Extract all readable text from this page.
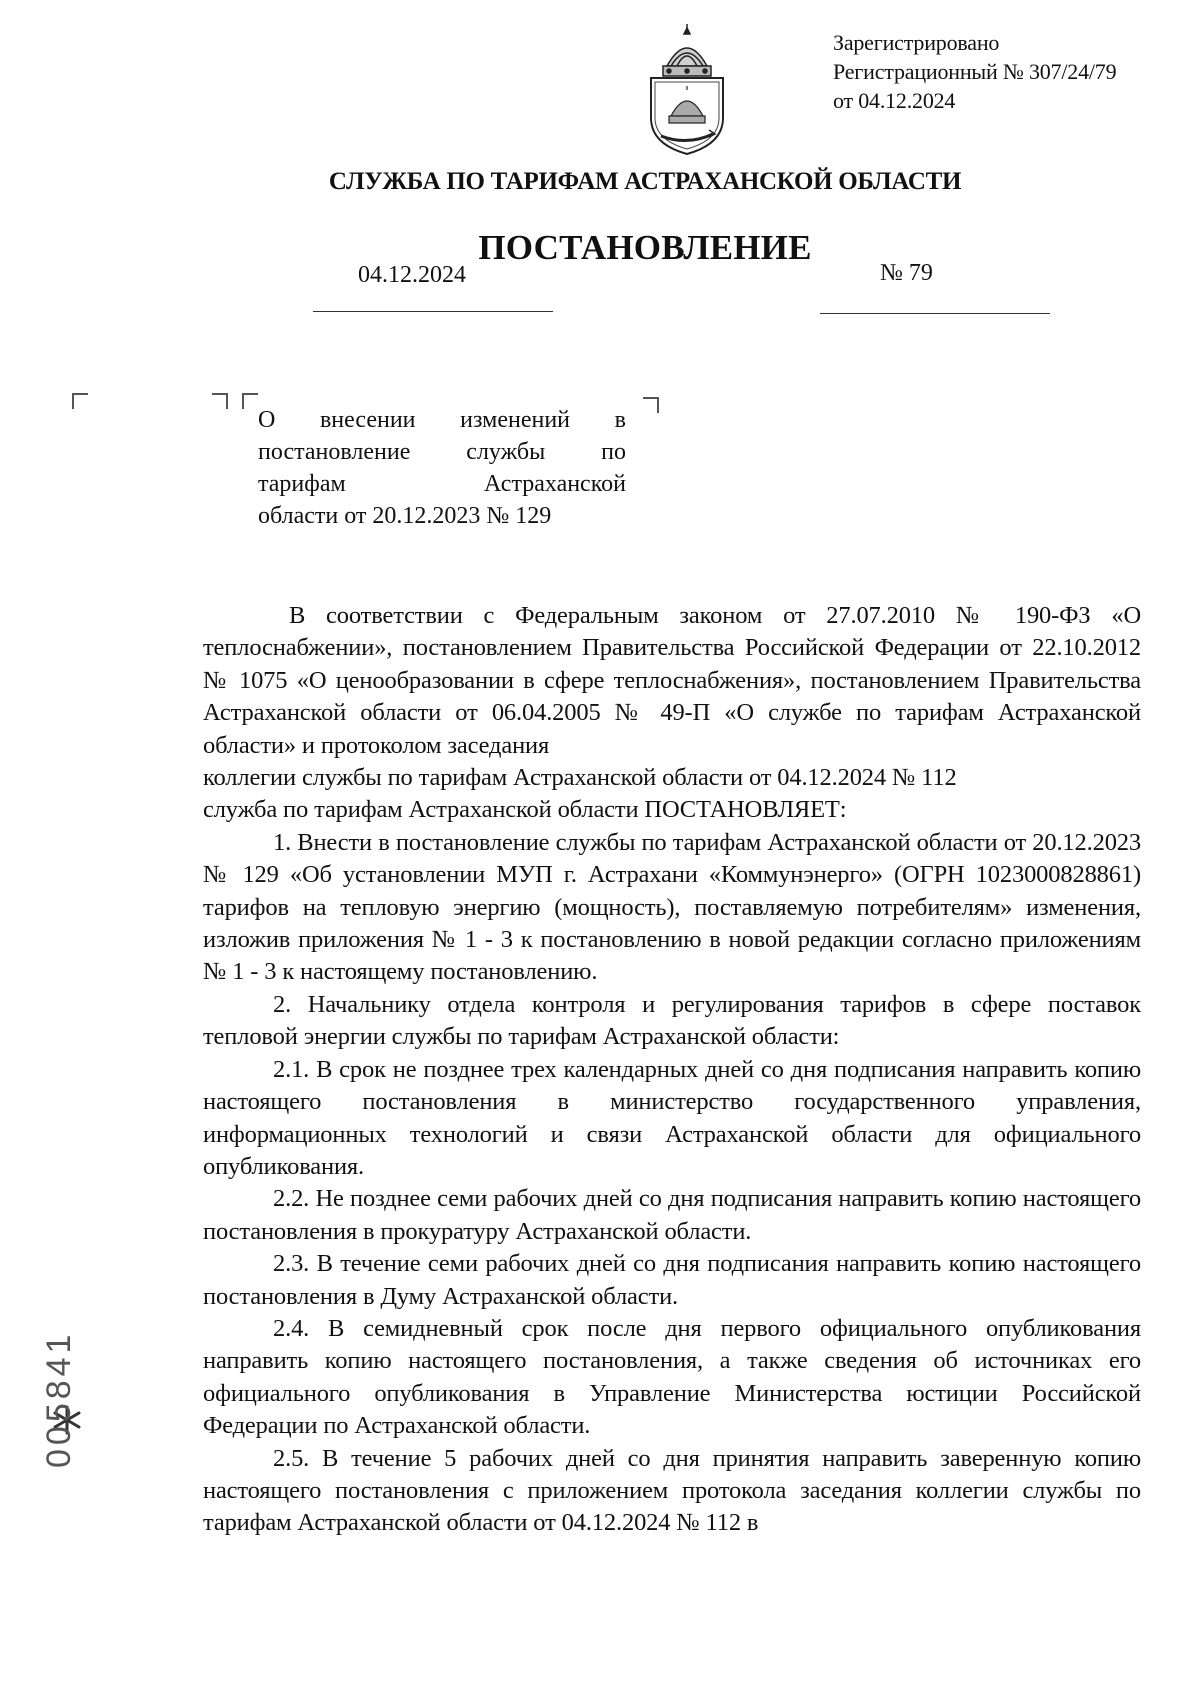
Зарегистрировано
Регистрационный № 307/24/79
от 04.12.2024
СЛУЖБА ПО ТАРИФАМ АСТРАХАНСКОЙ ОБЛАСТИ
ПОСТАНОВЛЕНИЕ
04.12.2024	№ 79
О внесении изменений в
постановление службы по
тарифам Астраханской
области от 20.12.2023 № 129

В соответствии с Федеральным законом от 27.07.2010 № 190-ФЗ «О теплоснабжении», постановлением Правительства Российской Федерации от 22.10.2012 № 1075 «О ценообразовании в сфере теплоснабжения», постановлением Правительства Астраханской области от 06.04.2005 № 49-П «О службе по тарифам Астраханской области» и протоколом заседания

коллегии службы по тарифам Астраханской области от 04.12.2024 № 112

служба по тарифам Астраханской области ПОСТАНОВЛЯЕТ:

1. Внести в постановление службы по тарифам Астраханской области от 20.12.2023 № 129 «Об установлении МУП г. Астрахани «Коммунэнерго» (ОГРН 1023000828861) тарифов на тепловую энергию (мощность), поставляемую потребителям» изменения, изложив приложения № 1 - 3 к постановлению в новой редакции согласно приложениям № 1 - 3 к настоящему постановлению.

2. Начальнику отдела контроля и регулирования тарифов в сфере поставок тепловой энергии службы по тарифам Астраханской области:

2.1. В срок не позднее трех календарных дней со дня подписания направить копию настоящего постановления в министерство государственного управления, информационных технологий и связи Астраханской области для официального опубликования.

2.2. Не позднее семи рабочих дней со дня подписания направить копию настоящего постановления в прокуратуру Астраханской области.

2.3. В течение семи рабочих дней со дня подписания направить копию настоящего постановления в Думу Астраханской области.

2.4. В семидневный срок после дня первого официального опубликования направить копию настоящего постановления, а также сведения об источниках его официального опубликования в Управление Министерства юстиции Российской Федерации по Астраханской области.

2.5. В течение 5 рабочих дней со дня принятия направить заверенную копию настоящего постановления с приложением протокола заседания коллегии службы по тарифам Астраханской области от 04.12.2024 № 112 в

005841
